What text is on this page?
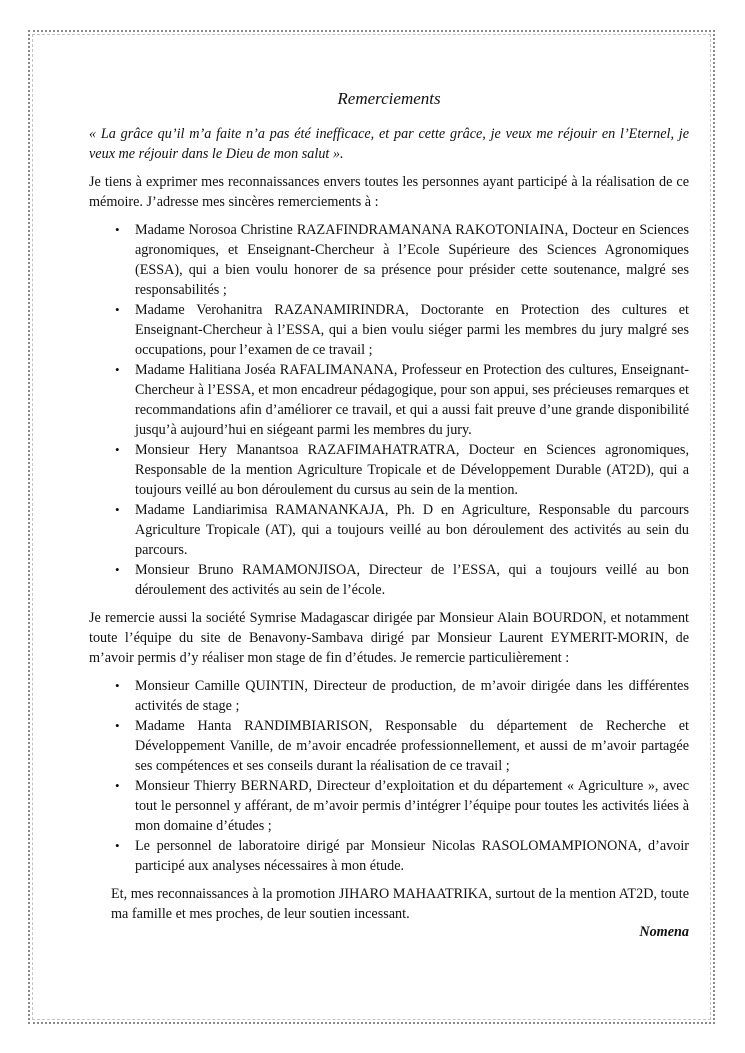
Remerciements

« La grâce qu’il m’a faite n’a pas été inefficace, et par cette grâce, je veux me réjouir en l’Eternel, je veux me réjouir dans le Dieu de mon salut ».

Je tiens à exprimer mes reconnaissances envers toutes les personnes ayant participé à la réalisation de ce mémoire. J’adresse mes sincères remerciements à :

• Madame Norosoa Christine RAZAFINDRAMANANA RAKOTONIAINA, Docteur en Sciences agronomiques, et Enseignant-Chercheur à l’Ecole Supérieure des Sciences Agronomiques (ESSA), qui a bien voulu honorer de sa présence pour présider cette soutenance, malgré ses responsabilités ;
• Madame Verohanitra RAZANAMIRINDRA, Doctorante en Protection des cultures et Enseignant-Chercheur à l’ESSA, qui a bien voulu siéger parmi les membres du jury malgré ses occupations, pour l’examen de ce travail ;
• Madame Halitiana Joséa RAFALIMANANA, Professeur en Protection des cultures, Enseignant-Chercheur à l’ESSA, et mon encadreur pédagogique, pour son appui, ses précieuses remarques et recommandations afin d’améliorer ce travail, et qui a aussi fait preuve d’une grande disponibilité jusqu’à aujourd’hui en siégeant parmi les membres du jury.
• Monsieur Hery Manantsoa RAZAFIMAHATRATRA, Docteur en Sciences agronomiques, Responsable de la mention Agriculture Tropicale et de Développement Durable (AT2D), qui a toujours veillé au bon déroulement du cursus au sein de la mention.
• Madame Landiarimisa RAMANANKAJA, Ph. D en Agriculture, Responsable du parcours Agriculture Tropicale (AT), qui a toujours veillé au bon déroulement des activités au sein du parcours.
• Monsieur Bruno RAMAMONJISOA, Directeur de l’ESSA, qui a toujours veillé au bon déroulement des activités au sein de l’école.

Je remercie aussi la société Symrise Madagascar dirigée par Monsieur Alain BOURDON, et notamment toute l’équipe du site de Benavony-Sambava dirigé par Monsieur Laurent EYMERIT-MORIN, de m’avoir permis d’y réaliser mon stage de fin d’études. Je remercie particulièrement :

• Monsieur Camille QUINTIN, Directeur de production, de m’avoir dirigée dans les différentes activités de stage ;
• Madame Hanta RANDIMBIARISON, Responsable du département de Recherche et Développement Vanille, de m’avoir encadrée professionnellement, et aussi de m’avoir partagée ses compétences et ses conseils durant la réalisation de ce travail ;
• Monsieur Thierry BERNARD, Directeur d’exploitation et du département « Agriculture », avec tout le personnel y afférant, de m’avoir permis d’intégrer l’équipe pour toutes les activités liées à mon domaine d’études ;
• Le personnel de laboratoire dirigé par Monsieur Nicolas RASOLOMAMPIONONA, d’avoir participé aux analyses nécessaires à mon étude.

Et, mes reconnaissances à la promotion JIHARO MAHAATRIKA, surtout de la mention AT2D, toute ma famille et mes proches, de leur soutien incessant.

Nomena
